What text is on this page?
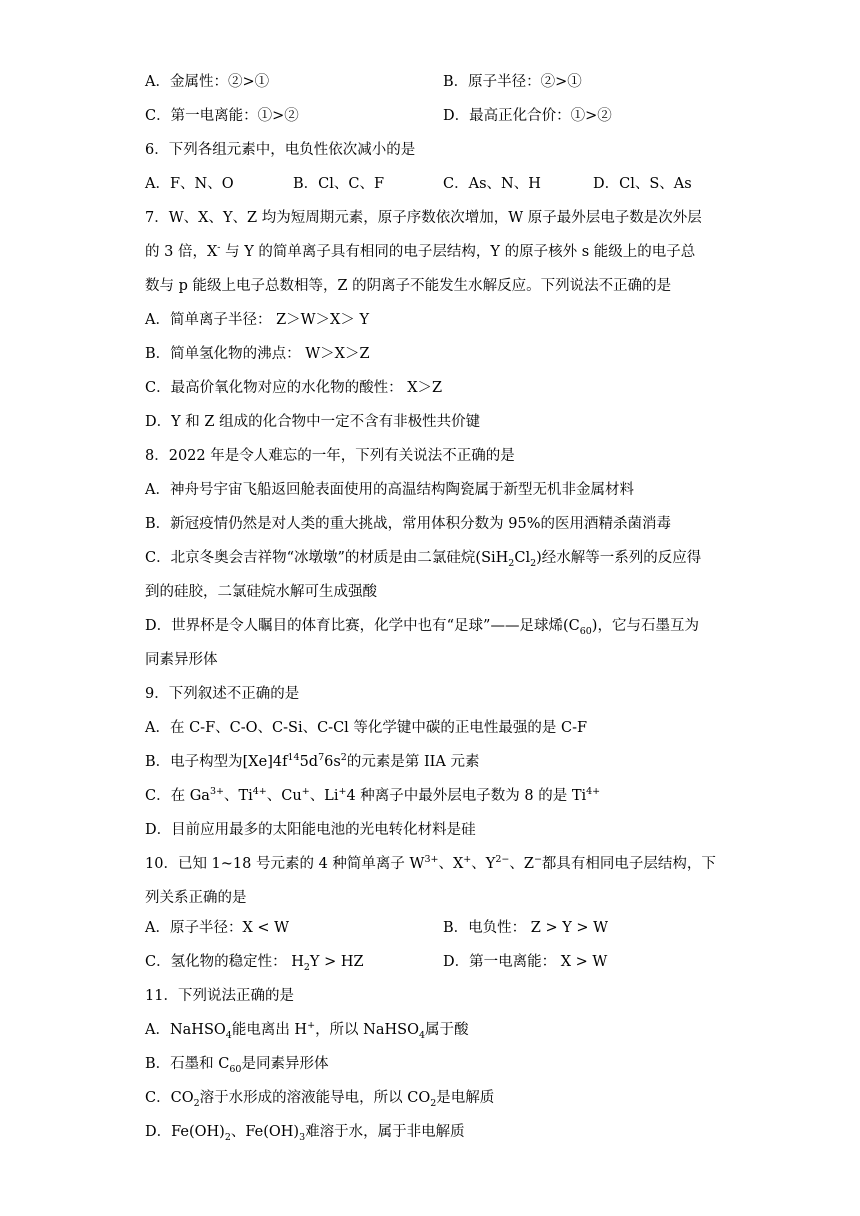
A．金属性：②>①	B．原子半径：②>①
C．第一电离能：①>②	D．最高正化合价：①>②
6．下列各组元素中，电负性依次减小的是
A．F、N、O	B．Cl、C、F	C．As、N、H	D．Cl、S、As
7．W、X、Y、Z 均为短周期元素，原子序数依次增加，W 原子最外层电子数是次外层
的 3 倍，X- 与 Y 的简单离子具有相同的电子层结构，Y 的原子核外 s 能级上的电子总
数与 p 能级上电子总数相等，Z 的阴离子不能发生水解反应。下列说法不正确的是
A．简单离子半径： Z＞W＞X＞ Y
B．简单氢化物的沸点： W＞X＞Z
C．最高价氧化物对应的水化物的酸性： X＞Z
D．Y 和 Z 组成的化合物中一定不含有非极性共价键
8．2022 年是令人难忘的一年，下列有关说法不正确的是
A．神舟号宇宙飞船返回舱表面使用的高温结构陶瓷属于新型无机非金属材料
B．新冠疫情仍然是对人类的重大挑战，常用体积分数为 95%的医用酒精杀菌消毒
C．北京冬奥会吉祥物“冰墩墩”的材质是由二氯硅烷$(SiH_2Cl_2)$经水解等一系列的反应得
到的硅胶，二氯硅烷水解可生成强酸
D．世界杯是令人瞩目的体育比赛，化学中也有“足球”——足球烯$(C_{60})$，它与石墨互为
同素异形体
9．下列叙述不正确的是
A．在 C-F、C-O、C-Si、C-Cl 等化学键中碳的正电性最强的是 C-F
B．电子构型为$[Xe]4f^{14}5d^76s^2$的元素是第 IIA 元素
C．在 $Ga^{3+}$、$Ti^{4+}$、Cu+、Li+4 种离子中最外层电子数为 8 的是 $Ti^{4+}$
D．目前应用最多的太阳能电池的光电转化材料是硅
10．已知 1~18 号元素的 4 种简单离子 $W^{3+}$、X+、$Y^{2-}$、Z−都具有相同电子层结构，下
列关系正确的是
A．原子半径：X < W	B．电负性： Z > Y > W
C．氢化物的稳定性： $H_2Y$ > HZ	D．第一电离能： X > W
11．下列说法正确的是
A．NaHSO$_4$能电离出 H+，所以 NaHSO$_4$属于酸
B．石墨和 $C_{60}$是同素异形体
C．$CO_2$溶于水形成的溶液能导电，所以 $CO_2$是电解质
D．$Fe(OH)_2$、$Fe(OH)_3$难溶于水，属于非电解质
